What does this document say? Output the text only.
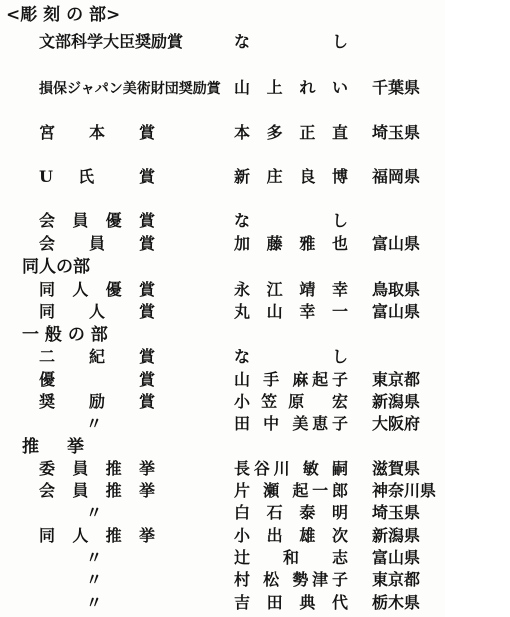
<彫 刻 の 部>
文部科学大臣奨励賞	な し
損保ジャパン美術財団奨励賞 山 上 れ い 千葉県
宮 本 賞	本 多 正 直 埼玉県
U 氏 賞	新 庄 良 博 福岡県
会 員 優 賞	な し
会 員 賞	加 藤 雅 也 富山県
同人の部
同 人 優 賞	永 江 靖 幸 鳥取県
同 人 賞	丸 山 幸 一 富山県
一 般 の 部
二 紀 賞	な し
優 賞	山 手 麻起子 東京都
奨 励 賞	小笠原 宏 新潟県
〃	田 中 美恵子 大阪府
推 挙
委 員 推 挙	長谷川 敏 嗣 滋賀県
会 員 推 挙	片 瀬 起一郎 神奈川県
〃	白 石 泰 明 埼玉県
同 人 推 挙	小 出 雄 次 新潟県
〃	辻 和 志 富山県
〃	村 松 勢津子 東京都
〃	吉 田 典 代 栃木県
